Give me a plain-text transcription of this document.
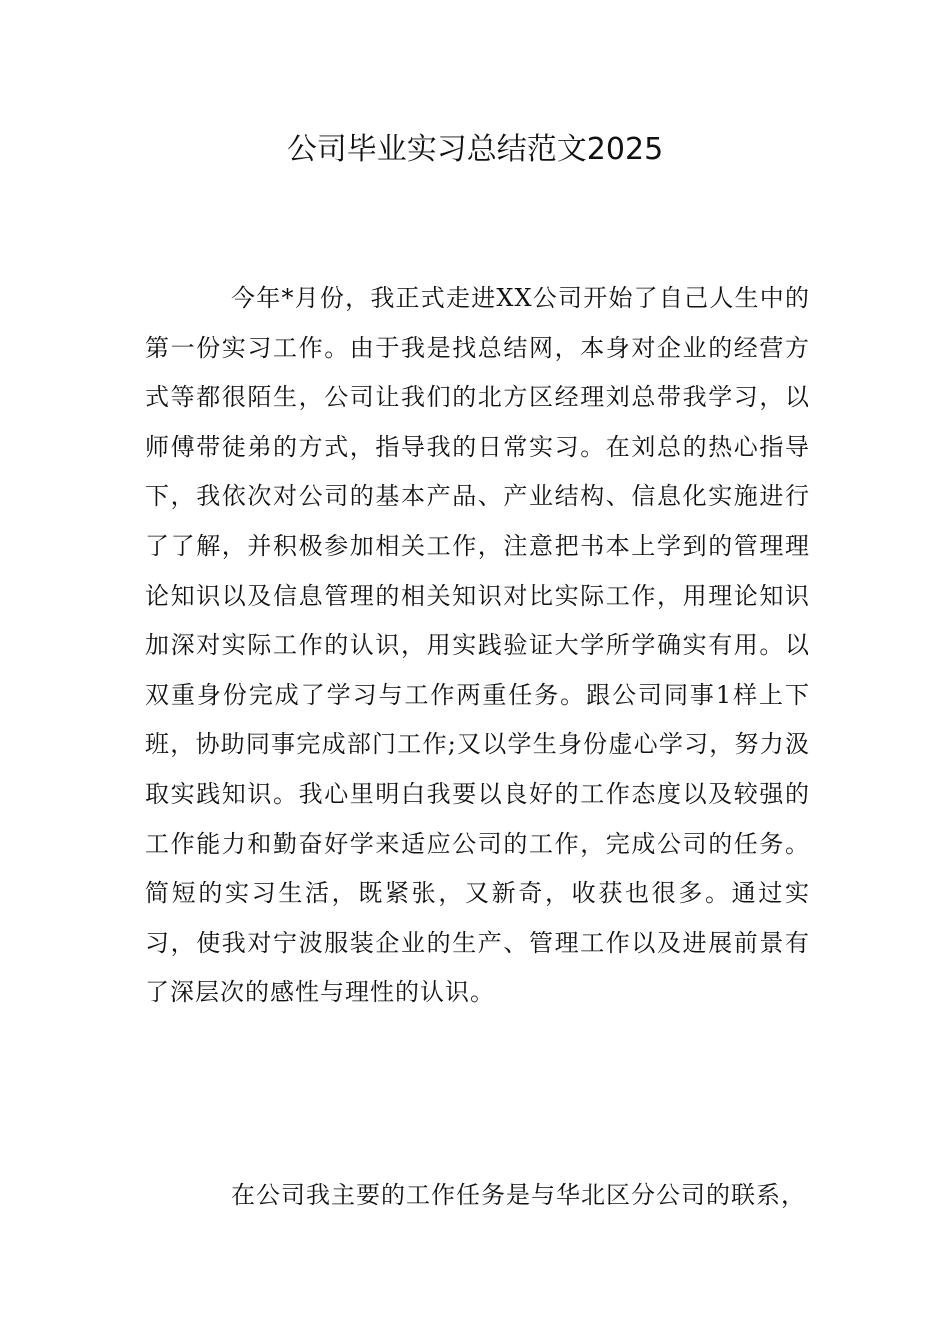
公司毕业实习总结范文2025

今年*月份，我正式走进XX公司开始了自己人生中的第一份实习工作。由于我是找总结网，本身对企业的经营方式等都很陌生，公司让我们的北方区经理刘总带我学习，以师傅带徒弟的方式，指导我的日常实习。在刘总的热心指导下，我依次对公司的基本产品、产业结构、信息化实施进行了了解，并积极参加相关工作，注意把书本上学到的管理理论知识以及信息管理的相关知识对比实际工作，用理论知识加深对实际工作的认识，用实践验证大学所学确实有用。以双重身份完成了学习与工作两重任务。跟公司同事1样上下班，协助同事完成部门工作;又以学生身份虚心学习，努力汲取实践知识。我心里明白我要以良好的工作态度以及较强的工作能力和勤奋好学来适应公司的工作，完成公司的任务。简短的实习生活，既紧张，又新奇，收获也很多。通过实习，使我对宁波服装企业的生产、管理工作以及进展前景有了深层次的感性与理性的认识。

在公司我主要的工作任务是与华北区分公司的联系，
